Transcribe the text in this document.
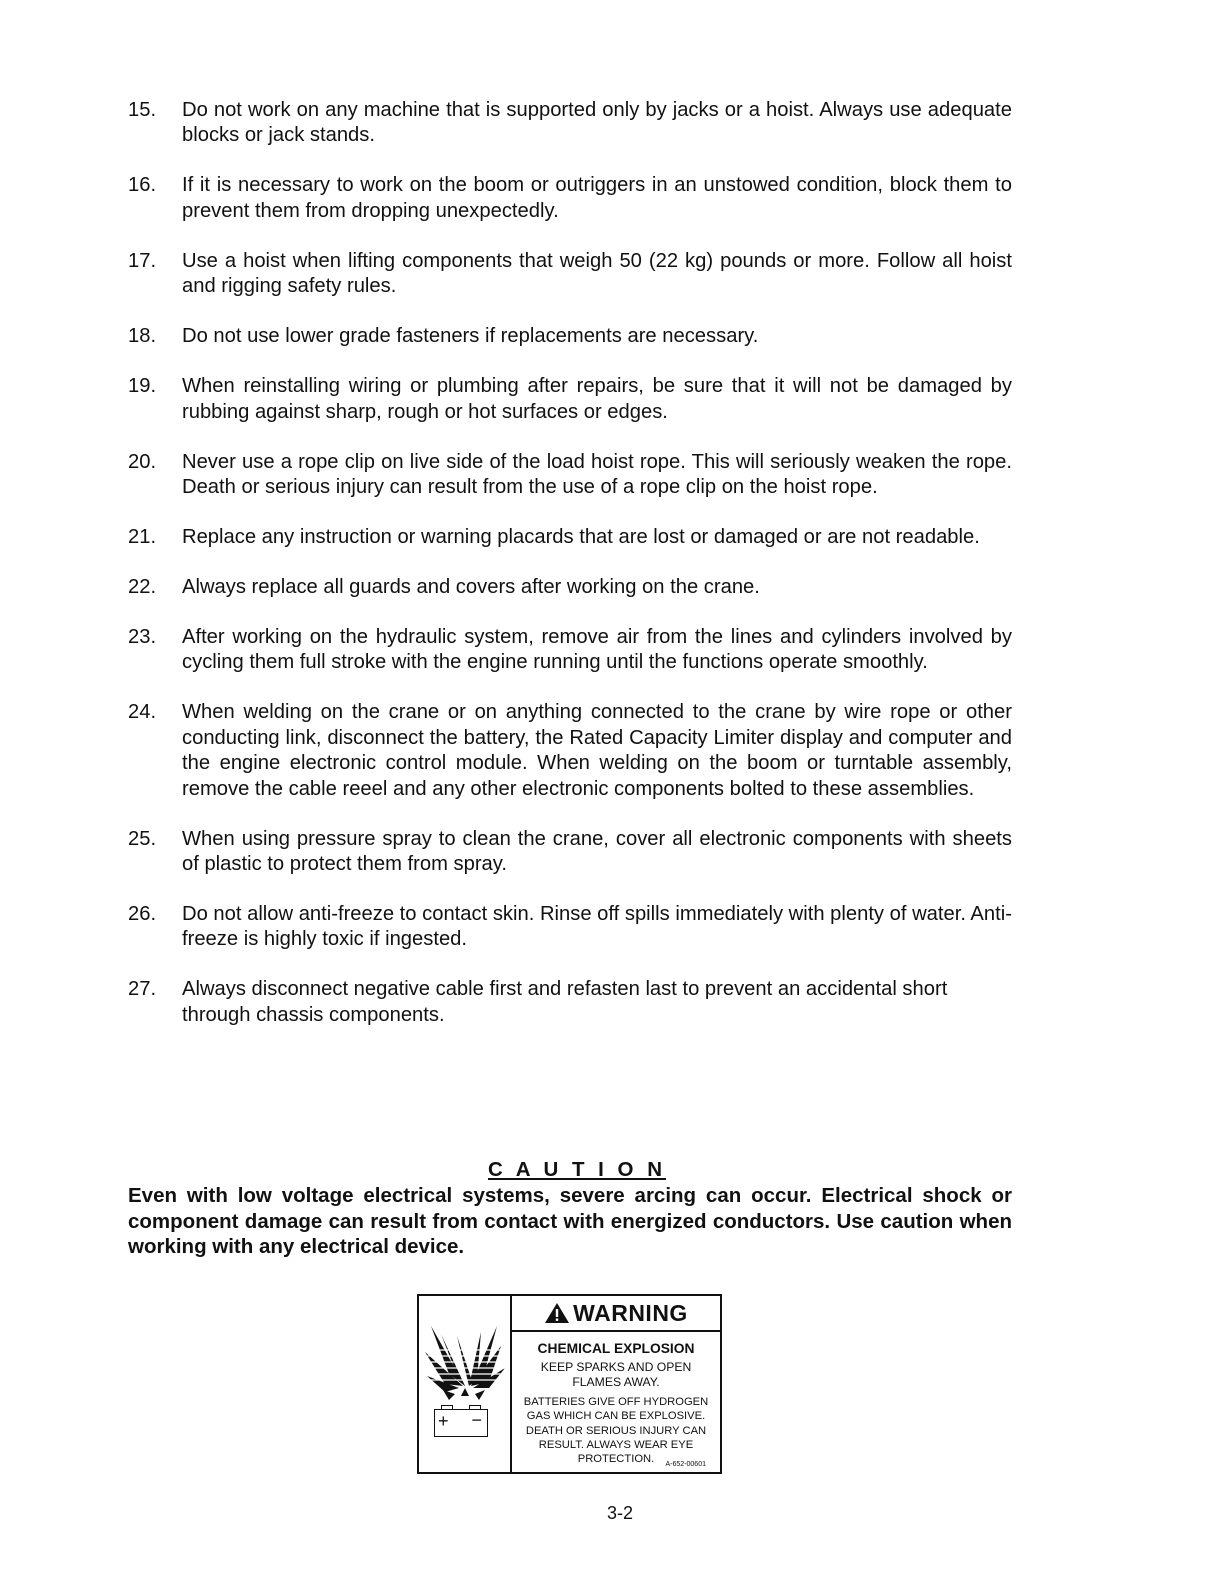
15.	Do not work on any machine that is supported only by jacks or a hoist. Always use adequate blocks or jack stands.
16.	If it is necessary to work on the boom or outriggers in an unstowed condition, block them to prevent them from dropping unexpectedly.
17.	Use a hoist when lifting components that weigh 50 (22 kg) pounds or more. Follow all hoist and rigging safety rules.
18.	Do not use lower grade fasteners if replacements are necessary.
19.	When reinstalling wiring or plumbing after repairs, be sure that it will not be damaged by rubbing against sharp, rough or hot surfaces or edges.
20.	Never use a rope clip on live side of the load hoist rope. This will seriously weaken the rope. Death or serious injury can result from the use of a rope clip on the hoist rope.
21.	Replace any instruction or warning placards that are lost or damaged or are not readable.
22.	Always replace all guards and covers after working on the crane.
23.	After working on the hydraulic system, remove air from the lines and cylinders involved by cycling them full stroke with the engine running until the functions operate smoothly.
24.	When welding on the crane or on anything connected to the crane by wire rope or other conducting link, disconnect the battery, the Rated Capacity Limiter display and computer and the engine electronic control module. When welding on the boom or turntable assembly, remove the cable reeel and any other electronic components bolted to these assemblies.
25.	When using pressure spray to clean the crane, cover all electronic components with sheets of plastic to protect them from spray.
26.	Do not allow anti-freeze to contact skin. Rinse off spills immediately with plenty of water. Anti-freeze is highly toxic if ingested.
27.	Always disconnect negative cable first and refasten last to prevent an accidental short through chassis components.
C A U T I O N
Even with low voltage electrical systems, severe arcing can occur. Electrical shock or component damage can result from contact with energized conductors. Use caution when working with any electrical device.
+ −
WARNING
CHEMICAL EXPLOSION
KEEP SPARKS AND OPEN
FLAMES AWAY.
BATTERIES GIVE OFF HYDROGEN
GAS WHICH CAN BE EXPLOSIVE.
DEATH OR SERIOUS INJURY CAN
RESULT. ALWAYS WEAR EYE
PROTECTION.	A-652-00601
3-2
